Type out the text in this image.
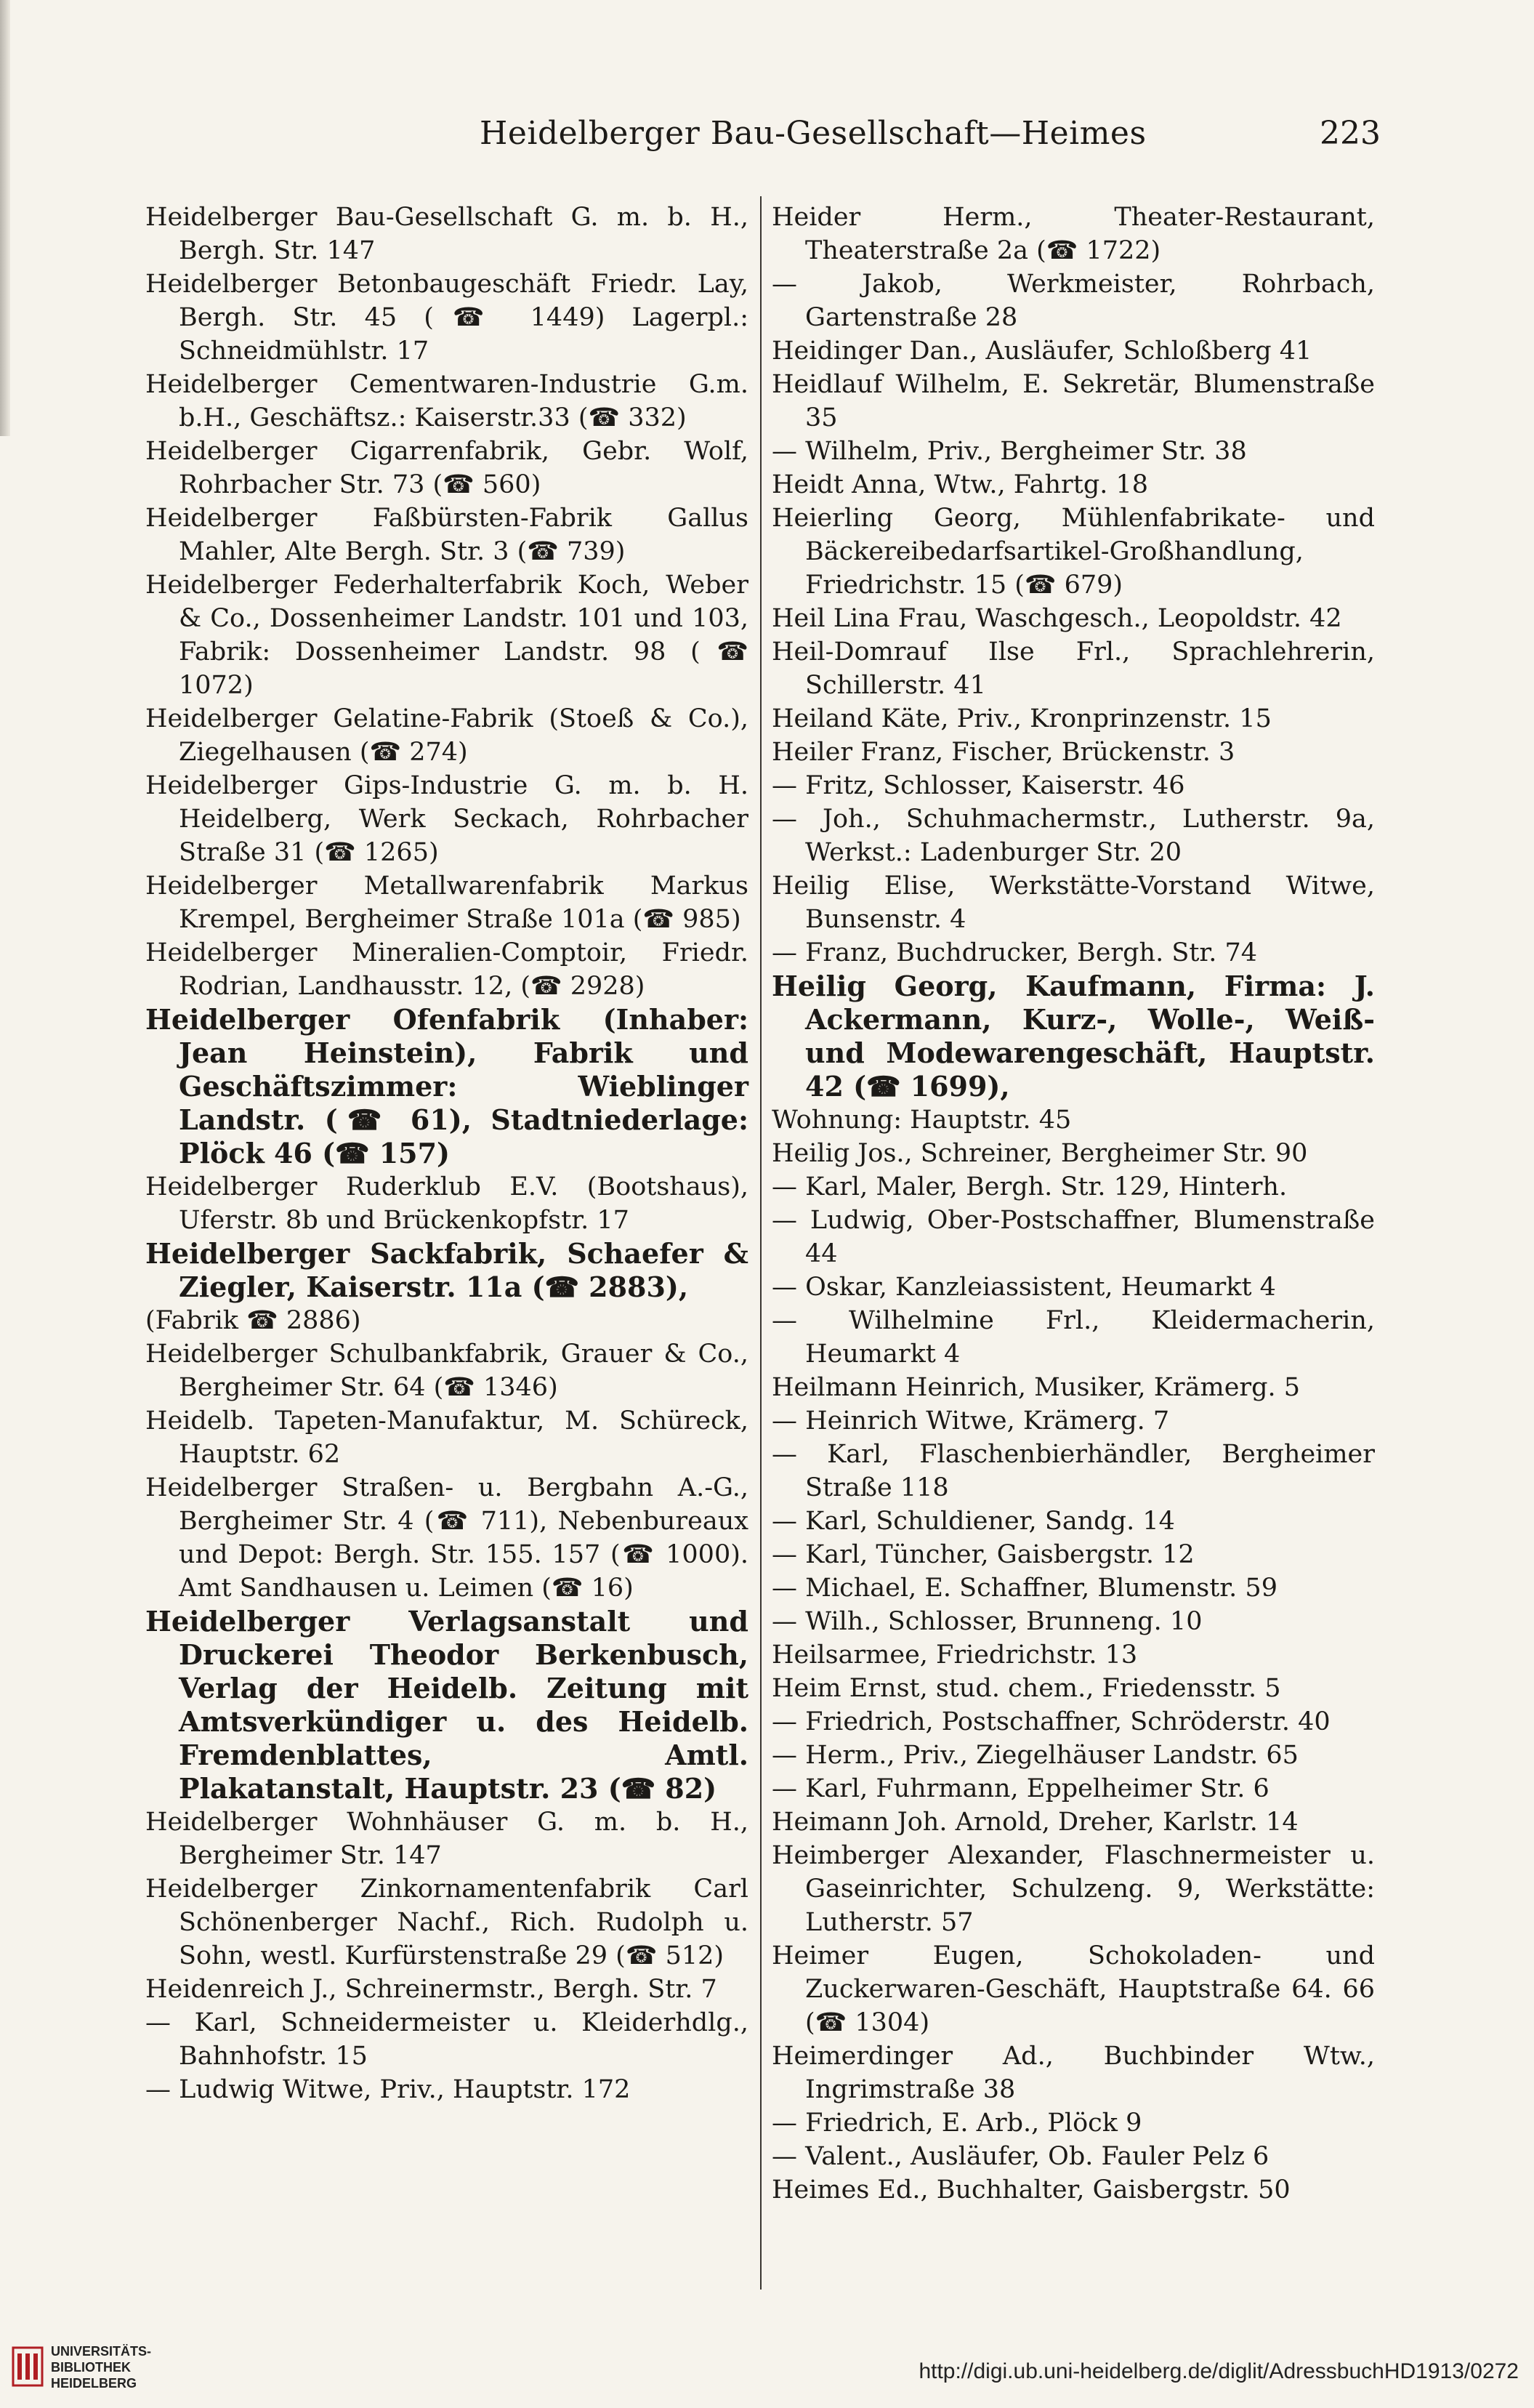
Heidelberger Bau-Gesellschaft—Heimes	223

Heidelberger Bau-Gesellschaft G. m. b. H., Bergh. Str. 147

Heidelberger Betonbaugeschäft Friedr. Lay, Bergh. Str. 45 (☎ 1449) Lagerpl.: Schneidmühlstr. 17

Heidelberger Cementwaren-Industrie G.m. b.H., Geschäftsz.: Kaiserstr.33 (☎ 332)

Heidelberger Cigarrenfabrik, Gebr. Wolf, Rohrbacher Str. 73 (☎ 560)

Heidelberger Faßbürsten-Fabrik Gallus Mahler, Alte Bergh. Str. 3 (☎ 739)

Heidelberger Federhalterfabrik Koch, Weber & Co., Dossenheimer Landstr. 101 und 103, Fabrik: Dossenheimer Landstr. 98 (☎ 1072)

Heidelberger Gelatine-Fabrik (Stoeß & Co.), Ziegelhausen (☎ 274)

Heidelberger Gips-Industrie G. m. b. H. Heidelberg, Werk Seckach, Rohrbacher Straße 31 (☎ 1265)

Heidelberger Metallwarenfabrik Markus Krempel, Bergheimer Straße 101a (☎ 985)

Heidelberger Mineralien-Comptoir, Friedr. Rodrian, Landhausstr. 12, (☎ 2928)

Heidelberger Ofenfabrik (Inhaber: Jean Heinstein), Fabrik und Geschäftszimmer: Wieblinger Landstr. (☎ 61), Stadtniederlage: Plöck 46 (☎ 157)

Heidelberger Ruderklub E.V. (Bootshaus), Uferstr. 8b und Brückenkopfstr. 17

Heidelberger Sackfabrik, Schaefer & Ziegler, Kaiserstr. 11a (☎ 2883),

(Fabrik ☎ 2886)

Heidelberger Schulbankfabrik, Grauer & Co., Bergheimer Str. 64 (☎ 1346)

Heidelb. Tapeten-Manufaktur, M. Schüreck, Hauptstr. 62

Heidelberger Straßen- u. Bergbahn A.-G., Bergheimer Str. 4 (☎ 711), Nebenbureaux und Depot: Bergh. Str. 155. 157 (☎ 1000). Amt Sandhausen u. Leimen (☎ 16)

Heidelberger Verlagsanstalt und Druckerei Theodor Berkenbusch, Verlag der Heidelb. Zeitung mit Amtsverkündiger u. des Heidelb. Fremdenblattes, Amtl. Plakatanstalt, Hauptstr. 23 (☎ 82)

Heidelberger Wohnhäuser G. m. b. H., Bergheimer Str. 147

Heidelberger Zinkornamentenfabrik Carl Schönenberger Nachf., Rich. Rudolph u. Sohn, westl. Kurfürstenstraße 29 (☎ 512)

Heidenreich J., Schreinermstr., Bergh. Str. 7

— Karl, Schneidermeister u. Kleiderhdlg., Bahnhofstr. 15

— Ludwig Witwe, Priv., Hauptstr. 172

Heider Herm., Theater-Restaurant, Theaterstraße 2a (☎ 1722)

— Jakob, Werkmeister, Rohrbach, Gartenstraße 28

Heidinger Dan., Ausläufer, Schloßberg 41

Heidlauf Wilhelm, E. Sekretär, Blumenstraße 35

— Wilhelm, Priv., Bergheimer Str. 38

Heidt Anna, Wtw., Fahrtg. 18

Heierling Georg, Mühlenfabrikate- und Bäckereibedarfsartikel-Großhandlung, Friedrichstr. 15 (☎ 679)

Heil Lina Frau, Waschgesch., Leopoldstr. 42

Heil-Domrauf Ilse Frl., Sprachlehrerin, Schillerstr. 41

Heiland Käte, Priv., Kronprinzenstr. 15

Heiler Franz, Fischer, Brückenstr. 3

— Fritz, Schlosser, Kaiserstr. 46

— Joh., Schuhmachermstr., Lutherstr. 9a, Werkst.: Ladenburger Str. 20

Heilig Elise, Werkstätte-Vorstand Witwe, Bunsenstr. 4

— Franz, Buchdrucker, Bergh. Str. 74

Heilig Georg, Kaufmann, Firma: J. Ackermann, Kurz-, Wolle-, Weiß- und Modewarengeschäft, Hauptstr. 42 (☎ 1699),

Wohnung: Hauptstr. 45

Heilig Jos., Schreiner, Bergheimer Str. 90

— Karl, Maler, Bergh. Str. 129, Hinterh.

— Ludwig, Ober-Postschaffner, Blumenstraße 44

— Oskar, Kanzleiassistent, Heumarkt 4

— Wilhelmine Frl., Kleidermacherin, Heumarkt 4

Heilmann Heinrich, Musiker, Krämerg. 5

— Heinrich Witwe, Krämerg. 7

— Karl, Flaschenbierhändler, Bergheimer Straße 118

— Karl, Schuldiener, Sandg. 14

— Karl, Tüncher, Gaisbergstr. 12

— Michael, E. Schaffner, Blumenstr. 59

— Wilh., Schlosser, Brunneng. 10

Heilsarmee, Friedrichstr. 13

Heim Ernst, stud. chem., Friedensstr. 5

— Friedrich, Postschaffner, Schröderstr. 40

— Herm., Priv., Ziegelhäuser Landstr. 65

— Karl, Fuhrmann, Eppelheimer Str. 6

Heimann Joh. Arnold, Dreher, Karlstr. 14

Heimberger Alexander, Flaschnermeister u. Gaseinrichter, Schulzeng. 9, Werkstätte: Lutherstr. 57

Heimer Eugen, Schokoladen- und Zuckerwaren-Geschäft, Hauptstraße 64. 66 (☎ 1304)

Heimerdinger Ad., Buchbinder Wtw., Ingrimstraße 38

— Friedrich, E. Arb., Plöck 9

— Valent., Ausläufer, Ob. Fauler Pelz 6

Heimes Ed., Buchhalter, Gaisbergstr. 50

UNIVERSITÄTS-
BIBLIOTHEK
HEIDELBERG	http://digi.ub.uni-heidelberg.de/diglit/AdressbuchHD1913/0272
